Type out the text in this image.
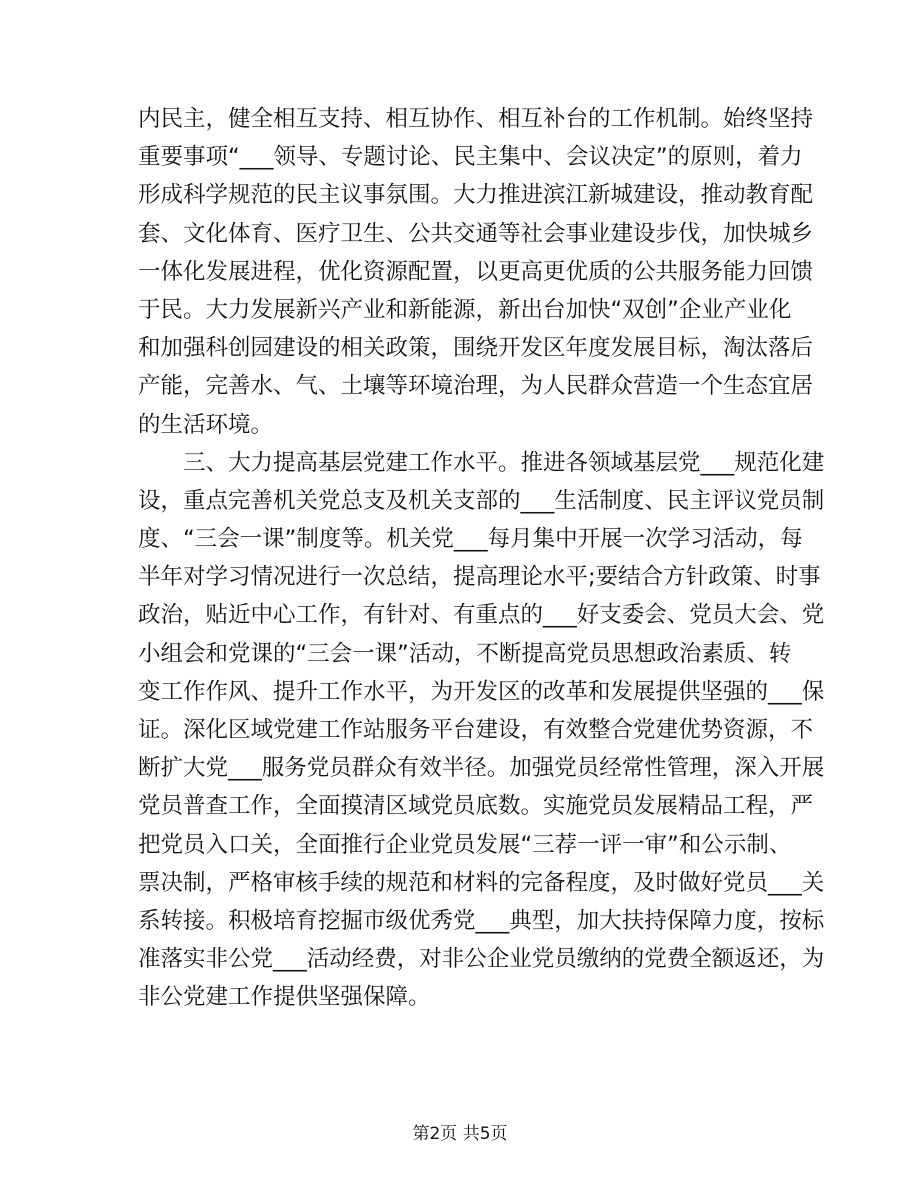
内民主，健全相互支持、相互协作、相互补台的工作机制。始终坚持
重要事项“___领导、专题讨论、民主集中、会议决定”的原则，着力
形成科学规范的民主议事氛围。大力推进滨江新城建设，推动教育配
套、文化体育、医疗卫生、公共交通等社会事业建设步伐，加快城乡
一体化发展进程，优化资源配置，以更高更优质的公共服务能力回馈
于民。大力发展新兴产业和新能源，新出台加快“双创”企业产业化
和加强科创园建设的相关政策，围绕开发区年度发展目标，淘汰落后
产能，完善水、气、土壤等环境治理，为人民群众营造一个生态宜居
的生活环境。
　　三、大力提高基层党建工作水平。推进各领域基层党___规范化建
设，重点完善机关党总支及机关支部的___生活制度、民主评议党员制
度、“三会一课”制度等。机关党___每月集中开展一次学习活动，每
半年对学习情况进行一次总结，提高理论水平;要结合方针政策、时事
政治，贴近中心工作，有针对、有重点的___好支委会、党员大会、党
小组会和党课的“三会一课”活动，不断提高党员思想政治素质、转
变工作作风、提升工作水平，为开发区的改革和发展提供坚强的___保
证。深化区域党建工作站服务平台建设，有效整合党建优势资源，不
断扩大党___服务党员群众有效半径。加强党员经常性管理，深入开展
党员普查工作，全面摸清区域党员底数。实施党员发展精品工程，严
把党员入口关，全面推行企业党员发展“三荐一评一审”和公示制、
票决制，严格审核手续的规范和材料的完备程度，及时做好党员___关
系转接。积极培育挖掘市级优秀党___典型，加大扶持保障力度，按标
准落实非公党___活动经费，对非公企业党员缴纳的党费全额返还，为
非公党建工作提供坚强保障。
第2页 共5页
